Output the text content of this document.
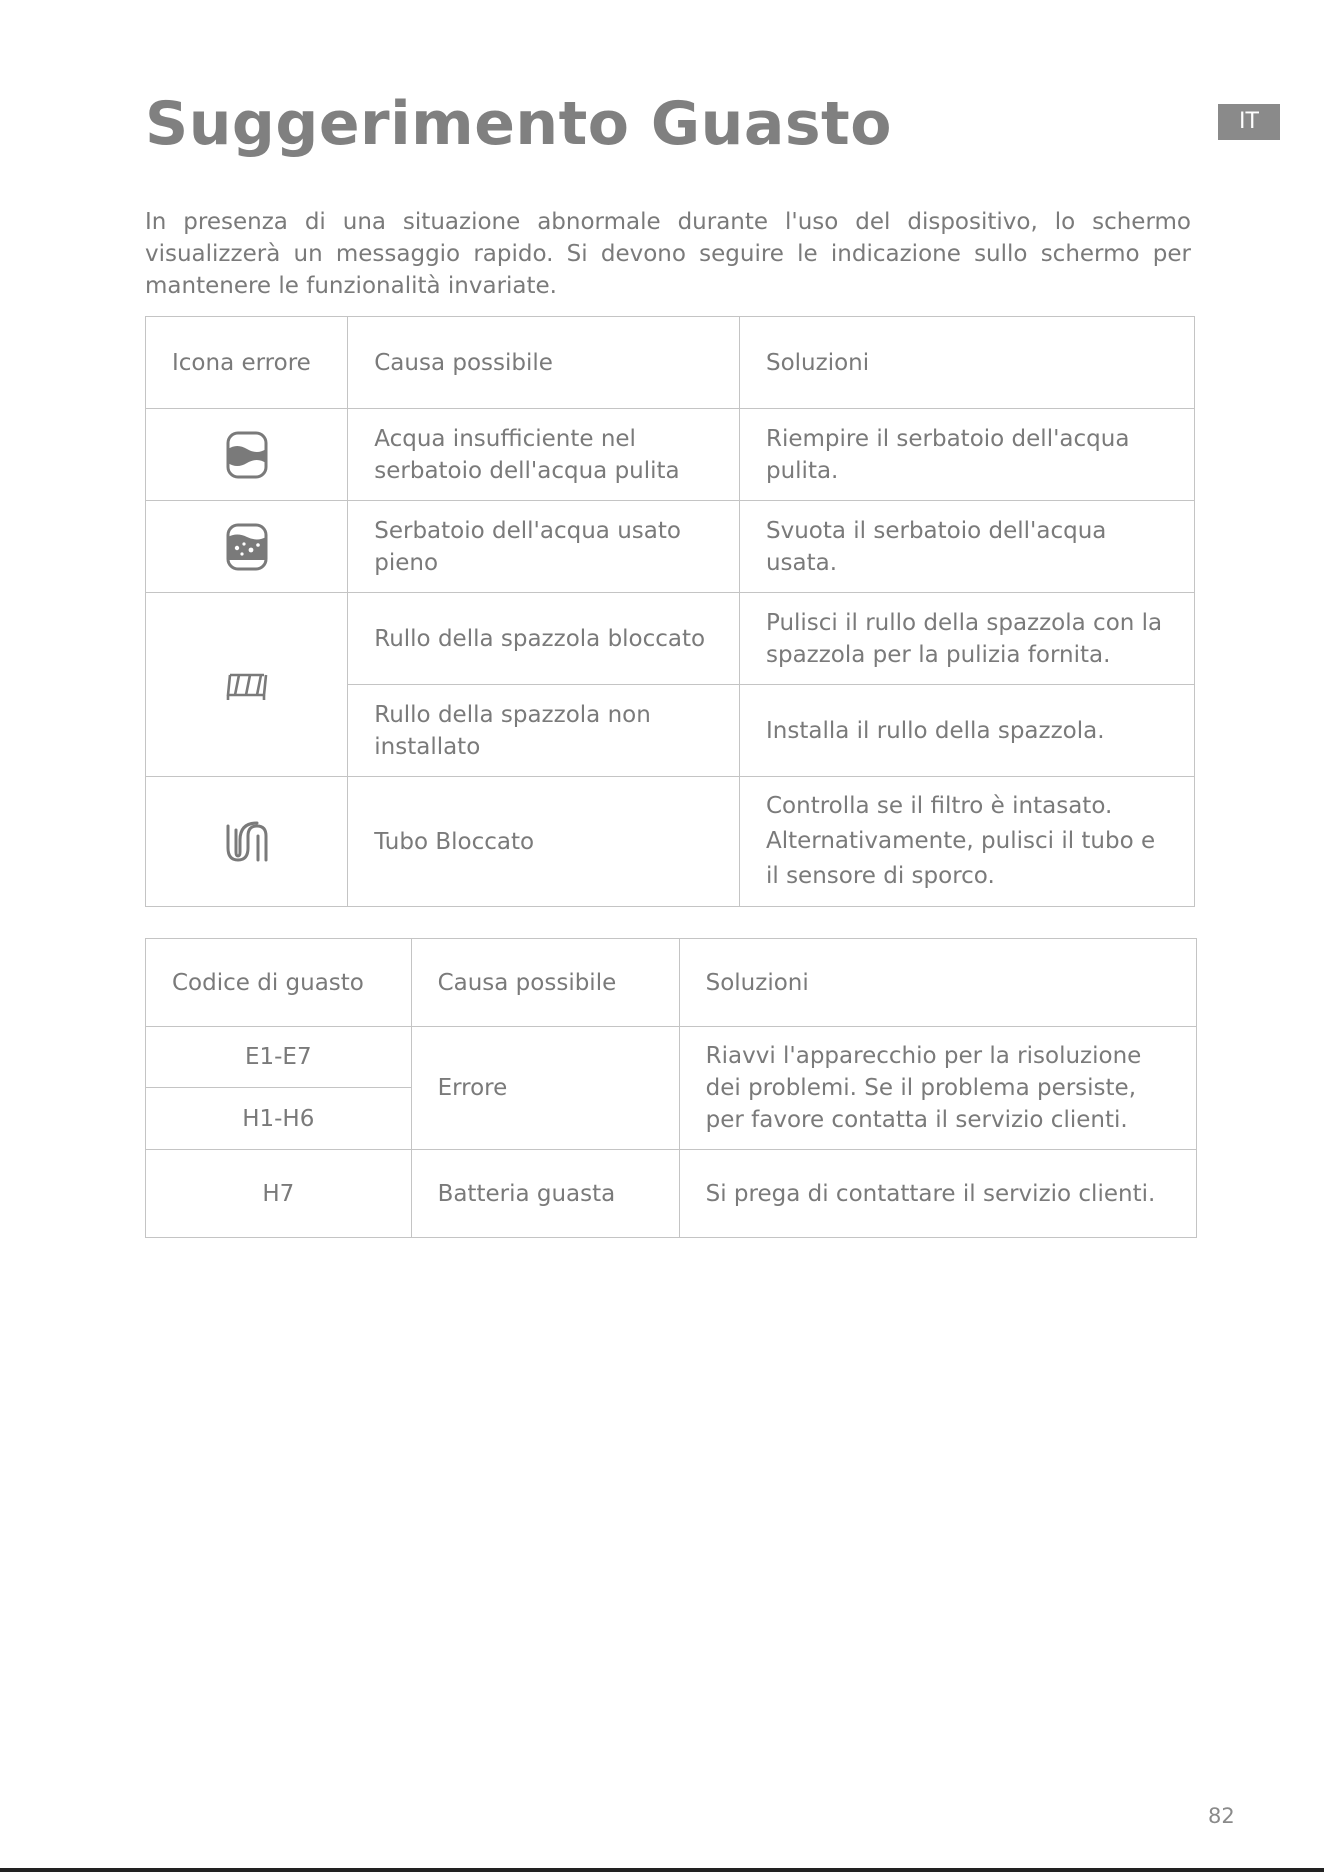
Suggerimento Guasto	IT

In presenza di una situazione abnormale durante l'uso del dispositivo, lo schermo visualizzerà un messaggio rapido. Si devono seguire le indicazione sullo schermo per mantenere le funzionalità invariate.

Icona errore	Causa possibile	Soluzioni

	Acqua insufficiente nel serbatoio dell'acqua pulita	Riempire il serbatoio dell'acqua pulita.

	Serbatoio dell'acqua usato pieno	Svuota il serbatoio dell'acqua usata.

	Rullo della spazzola bloccato	Pulisci il rullo della spazzola con la spazzola per la pulizia fornita.
	Rullo della spazzola non installato	Installa il rullo della spazzola.

	Tubo Bloccato	Controlla se il filtro è intasato. Alternativamente, pulisci il tubo e il sensore di sporco.
Codice di guasto	Causa possibile	Soluzioni
E1-E7	Errore	Riavvi l'apparecchio per la risoluzione dei problemi. Se il problema persiste, per favore contatta il servizio clienti.
H1-H6		
H7	Batteria guasta	Si prega di contattare il servizio clienti.
82
